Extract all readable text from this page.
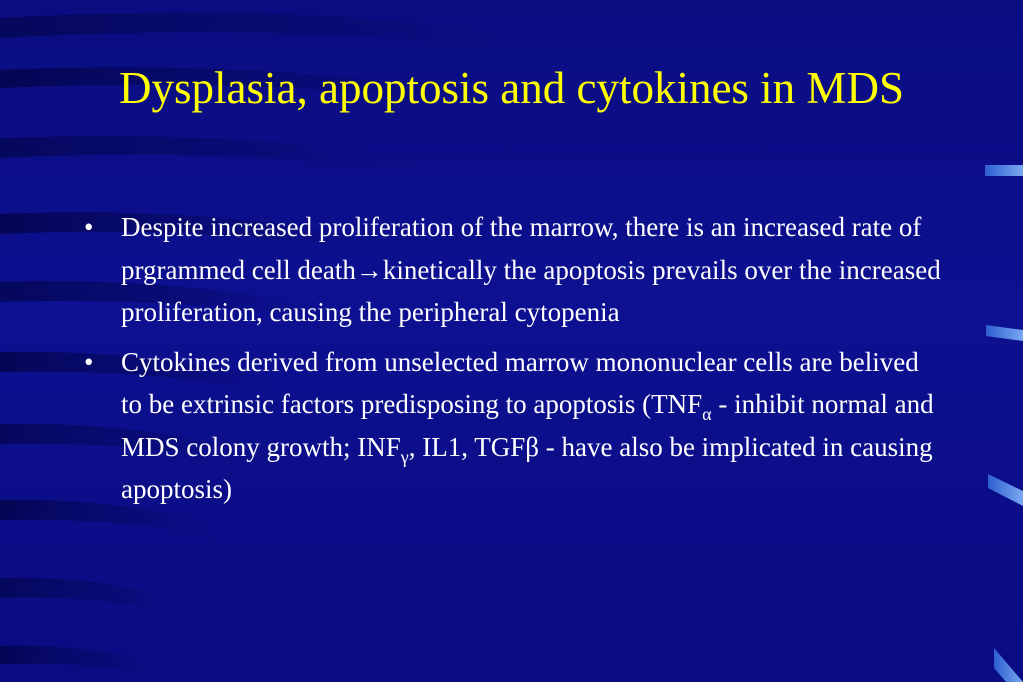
Dysplasia, apoptosis and cytokines in MDS
• Despite increased proliferation of the marrow, there is an increased rate of prgrammed cell death→kinetically the apoptosis prevails over the increased proliferation, causing the peripheral cytopenia
• Cytokines derived from unselected marrow mononuclear cells are belived to be extrinsic factors predisposing to apoptosis ($TNF_\alpha$ - inhibit normal and MDS colony growth; $INF_\gamma$, IL1, TGFβ - have also be implicated in causing apoptosis)
